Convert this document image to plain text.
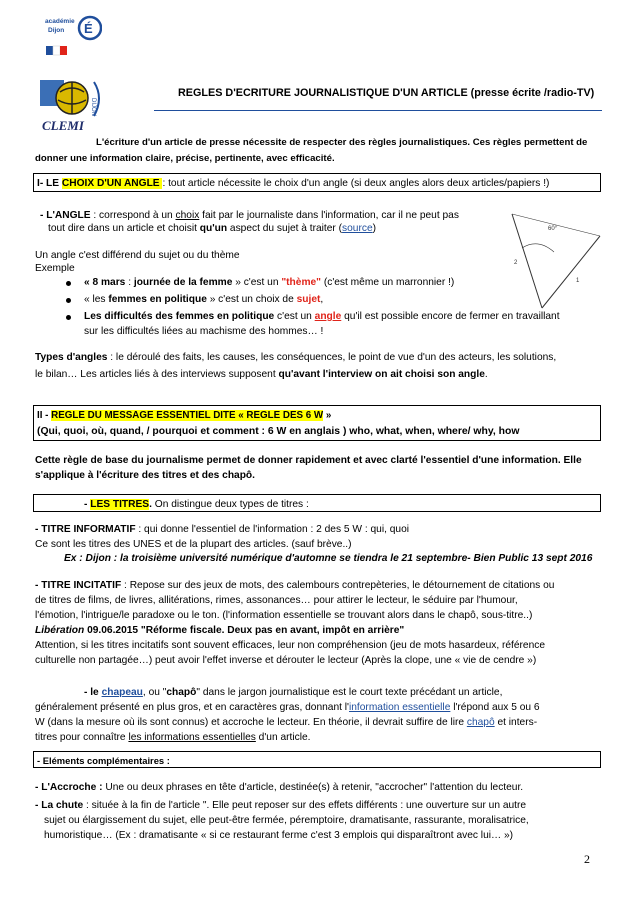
É
académie
Dijon
CLEMI
DIJON
REGLES D'ECRITURE JOURNALISTIQUE D'UN ARTICLE (presse écrite /radio-TV)
L'écriture d'un article de presse nécessite de respecter des règles journalistiques. Ces règles permettent de
donner une information claire, précise, pertinente, avec efficacité.
I- LE CHOIX D'UN ANGLE : tout article nécessite le choix d'un angle (si deux angles alors deux articles/papiers !)
- L'ANGLE : correspond à un choix fait par le journaliste dans l'information, car il ne peut pas
tout dire dans un article et choisit qu'un aspect du sujet à traiter (source)	60°
2
1
Un angle c'est différend du sujet ou du thème
Exemple
« 8 mars : journée de la femme » c'est un "thème" (c'est même un marronnier !)
« les femmes en politique » c'est un choix de sujet,
Les difficultés des femmes en politique c'est un angle qu'il est possible encore de fermer en travaillant
sur les difficultés liées au machisme des hommes… !
Types d'angles : le déroulé des faits, les causes, les conséquences, le point de vue d'un des acteurs, les solutions,
le bilan… Les articles liés à des interviews supposent qu'avant l'interview on ait choisi son angle.
II - REGLE DU MESSAGE ESSENTIEL DITE « REGLE DES 6 W »
(Qui, quoi, où, quand, / pourquoi et comment : 6 W en anglais ) who, what, when, where/ why, how
Cette règle de base du journalisme permet de donner rapidement et avec clarté l'essentiel d'une information. Elle
s'applique à l'écriture des titres et des chapô.
- LES TITRES. On distingue deux types de titres :
- TITRE INFORMATIF : qui donne l'essentiel de l'information : 2 des 5 W : qui, quoi
Ce sont les titres des UNES et de la plupart des articles. (sauf brève..)
Ex : Dijon : la troisième université numérique d'automne se tiendra le 21 septembre- Bien Public 13 sept 2016
- TITRE INCITATIF : Repose sur des jeux de mots, des calembours contrepèteries, le détournement de citations ou
de titres de films, de livres, allitérations, rimes, assonances… pour attirer le lecteur, le séduire par l'humour,
l'émotion, l'intrigue/le paradoxe ou le ton. (l'information essentielle se trouvant alors dans le chapô, sous-titre..)
Libération 09.06.2015 "Réforme fiscale. Deux pas en avant, impôt en arrière"
Attention, si les titres incitatifs sont souvent efficaces, leur non compréhension (jeu de mots hasardeux, référence
culturelle non partagée…) peut avoir l'effet inverse et dérouter le lecteur (Après la clope, une « vie de cendre »)
- le chapeau, ou "chapô" dans le jargon journalistique est le court texte précédant un article,
généralement présenté en plus gros, et en caractères gras, donnant l'information essentielle l'répond aux 5 ou 6
W (dans la mesure où ils sont connus) et accroche le lecteur. En théorie, il devrait suffire de lire chapô et inters-
titres pour connaître les informations essentielles d'un article.
- Eléments complémentaires :
- L'Accroche : Une ou deux phrases en tête d'article, destinée(s) à retenir, "accrocher" l'attention du lecteur.
- La chute : située à la fin de l'article ". Elle peut reposer sur des effets différents : une ouverture sur un autre
sujet ou élargissement du sujet, elle peut-être fermée, péremptoire, dramatisante, rassurante, moralisatrice,
humoristique… (Ex : dramatisante « si ce restaurant ferme c'est 3 emplois qui disparaîtront avec lui… »)
2
